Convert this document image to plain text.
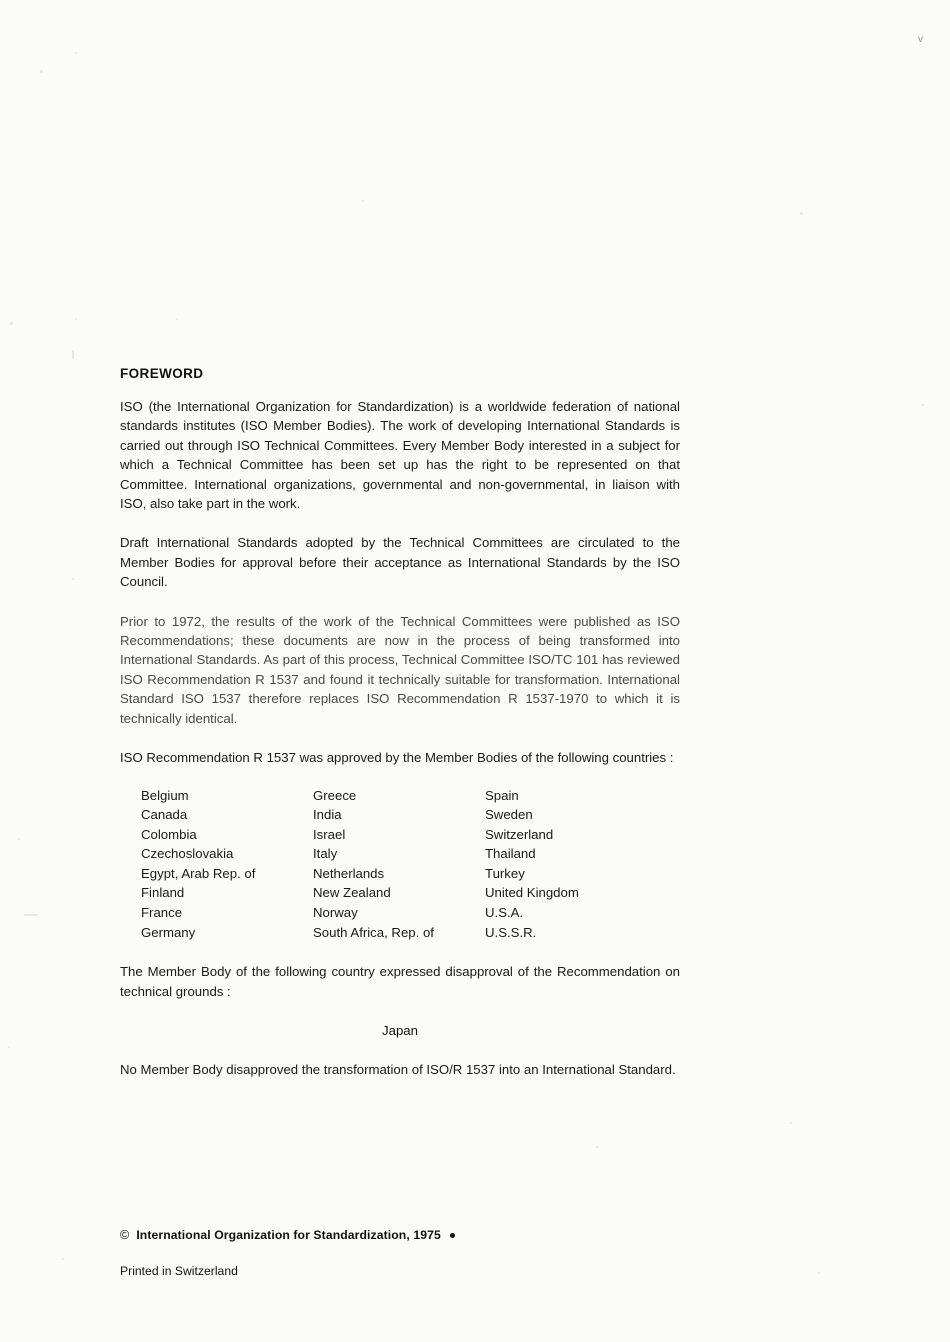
v
FOREWORD

ISO (the International Organization for Standardization) is a worldwide federation of national standards institutes (ISO Member Bodies). The work of developing International Standards is carried out through ISO Technical Committees. Every Member Body interested in a subject for which a Technical Committee has been set up has the right to be represented on that Committee. International organizations, governmental and non-governmental, in liaison with ISO, also take part in the work.

Draft International Standards adopted by the Technical Committees are circulated to the Member Bodies for approval before their acceptance as International Standards by the ISO Council.

Prior to 1972, the results of the work of the Technical Committees were published as ISO Recommendations; these documents are now in the process of being transformed into International Standards. As part of this process, Technical Committee ISO/TC 101 has reviewed ISO Recommendation R 1537 and found it technically suitable for transformation. International Standard ISO 1537 therefore replaces ISO Recommendation R 1537-1970 to which it is technically identical.

ISO Recommendation R 1537 was approved by the Member Bodies of the following countries :

Belgium	Greece	Spain
Canada	India	Sweden
Colombia	Israel	Switzerland
Czechoslovakia	Italy	Thailand
Egypt, Arab Rep. of	Netherlands	Turkey
Finland	New Zealand	United Kingdom
France	Norway	U.S.A.
Germany	South Africa, Rep. of	U.S.S.R.

The Member Body of the following country expressed disapproval of the Recommendation on technical grounds :

Japan

No Member Body disapproved the transformation of ISO/R 1537 into an International Standard.

© International Organization for Standardization, 1975
Printed in Switzerland
